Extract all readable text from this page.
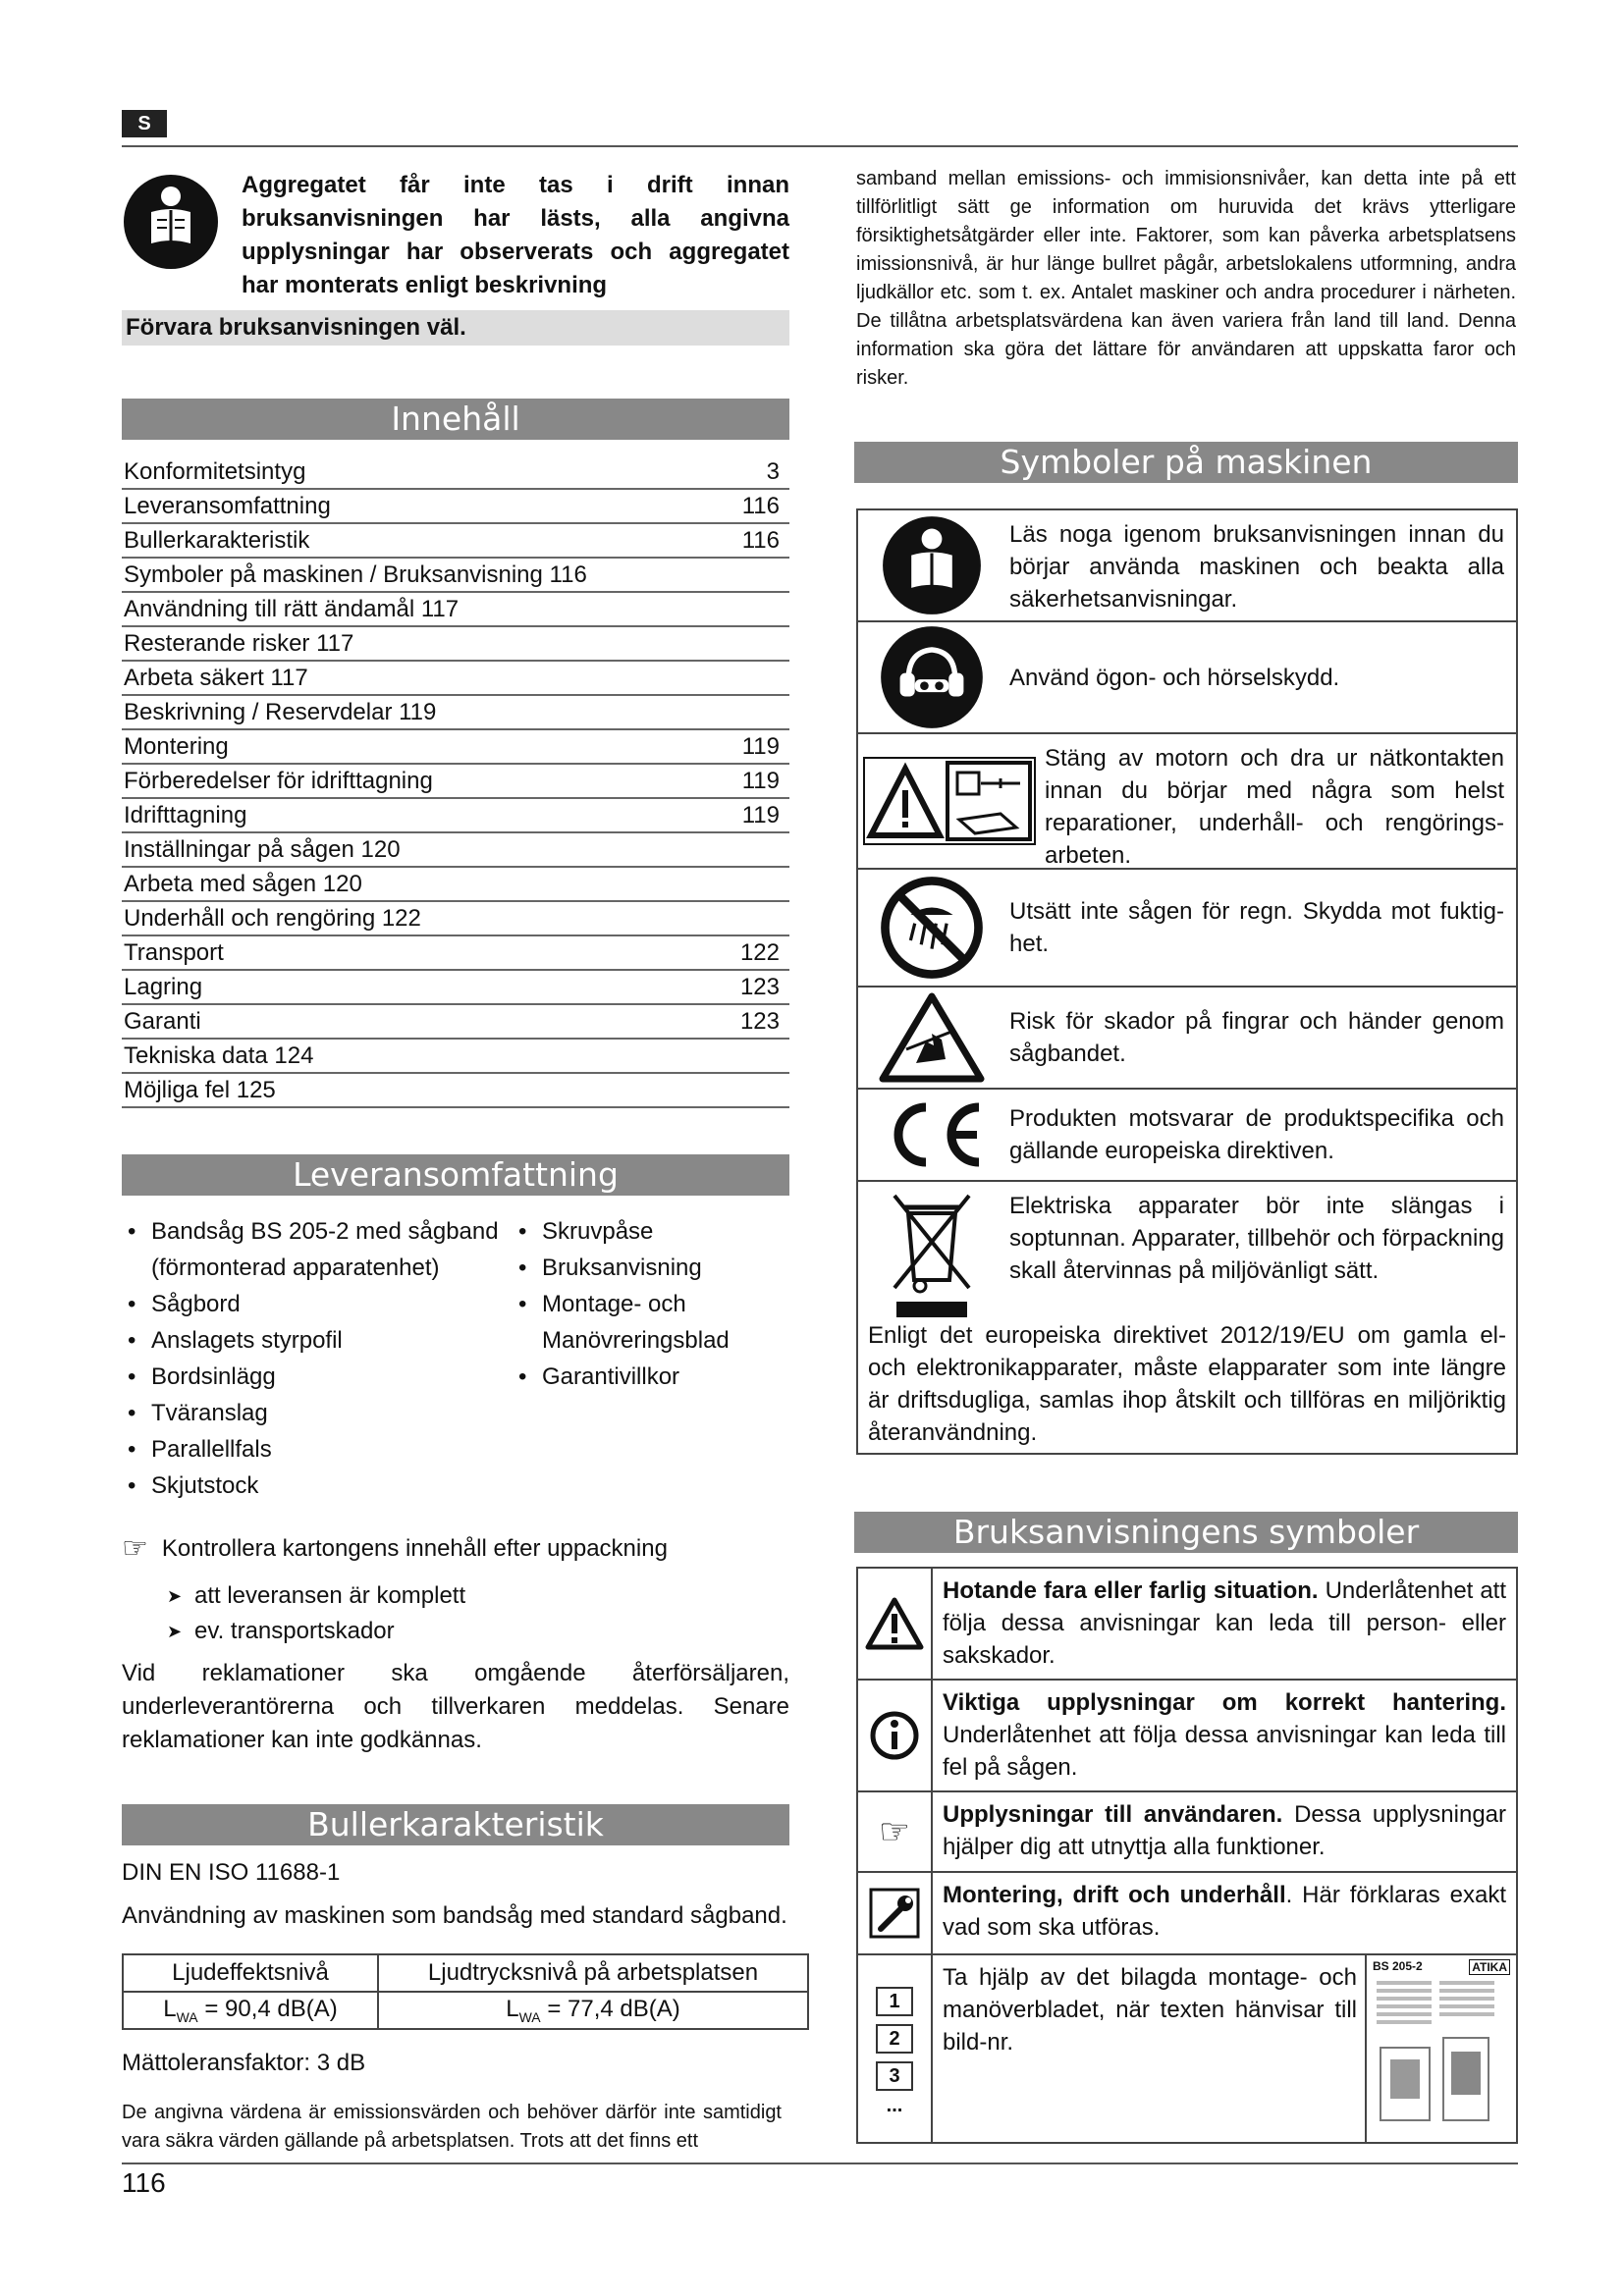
S
Aggregatet får inte tas i drift innan bruksanvisningen har lästs, alla angivna upplysningar har observerats och aggregatet har monterats enligt beskrivning
Förvara bruksanvisningen väl.
Innehåll
Konformitetsintyg	3
Leveransomfattning	116
Bullerkarakteristik	116
Symboler på maskinen / Bruksanvisning 116
Användning till rätt ändamål 117
Resterande risker 117
Arbeta säkert 117
Beskrivning / Reservdelar 119
Montering	119
Förberedelser för idrifttagning	119
Idrifttagning	119
Inställningar på sågen 120
Arbeta med sågen 120
Underhåll och rengöring 122
Transport	122
Lagring	123
Garanti	123
Tekniska data 124
Möjliga fel 125
Leveransomfattning
• Bandsåg BS 205-2 med sågband (förmonterad apparatenhet)
• Sågbord
• Anslagets styrpofil
• Bordsinlägg
• Tväranslag
• Parallellfals
• Skjutstock
• Skruvpåse
• Bruksanvisning
• Montage- och Manövreringsblad
• Garantivillkor
☞ Kontrollera kartongens innehåll efter uppackning
➤ att leveransen är komplett
➤ ev. transportskador
Vid reklamationer ska omgående återförsäljaren, underleverantörerna och tillverkaren meddelas. Senare reklamationer kan inte godkännas.
Bullerkarakteristik
DIN EN ISO 11688-1
Användning av maskinen som bandsåg med standard sågband.
Ljudeffektsnivå	Ljudtrycksnivå på arbetsplatsen
$L_{WA} = 90,4$ dB(A)	$L_{WA} = 77,4$ dB(A)
Mättoleransfaktor: 3 dB
De angivna värdena är emissionsvärden och behöver därför inte samtidigt vara säkra värden gällande på arbetsplatsen. Trots att det finns ett
samband mellan emissions- och immisionsnivåer, kan detta inte på ett tillförlitligt sätt ge information om huruvida det krävs ytterligare försiktighetsåtgärder eller inte. Faktorer, som kan påverka arbetsplatsens imissionsnivå, är hur länge bullret pågår, arbetslokalens utformning, andra ljudkällor etc. som t. ex. Antalet maskiner och andra procedurer i närheten. De tillåtna arbetsplatsvärdena kan även variera från land till land. Denna information ska göra det lättare för användaren att uppskatta faror och risker.
Symboler på maskinen
Läs noga igenom bruksanvisningen innan du börjar använda maskinen och beakta alla säkerhetsanvisningar.
Använd ögon- och hörselskydd.
Stäng av motorn och dra ur nätkontakten innan du börjar med några som helst reparationer, underhåll- och rengörings-arbeten.
Utsätt inte sågen för regn. Skydda mot fuktig-het.
Risk för skador på fingrar och händer genom sågbandet.
Produkten motsvarar de produktspecifika och gällande europeiska direktiven.
Elektriska apparater bör inte slängas i soptunnan. Apparater, tillbehör och förpackning skall återvinnas på miljövänligt sätt.
Enligt det europeiska direktivet 2012/19/EU om gamla el- och elektronikapparater, måste elapparater som inte längre är driftsdugliga, samlas ihop åtskilt och tillföras en miljöriktig återanvändning.
Bruksanvisningens symboler
Hotande fara eller farlig situation. Underlåtenhet att följa dessa anvisningar kan leda till person- eller sakskador.
Viktiga upplysningar om korrekt hantering. Underlåtenhet att följa dessa anvisningar kan leda till fel på sågen.
☞	Upplysningar till användaren. Dessa upplysningar hjälper dig att utnyttja alla funktioner.
Montering, drift och underhåll. Här förklaras exakt vad som ska utföras.
1
2
3
...
Ta hjälp av det bilagda montage- och manöverbladet, när texten hänvisar till bild-nr.
BS 205-2	ATIKA
116
